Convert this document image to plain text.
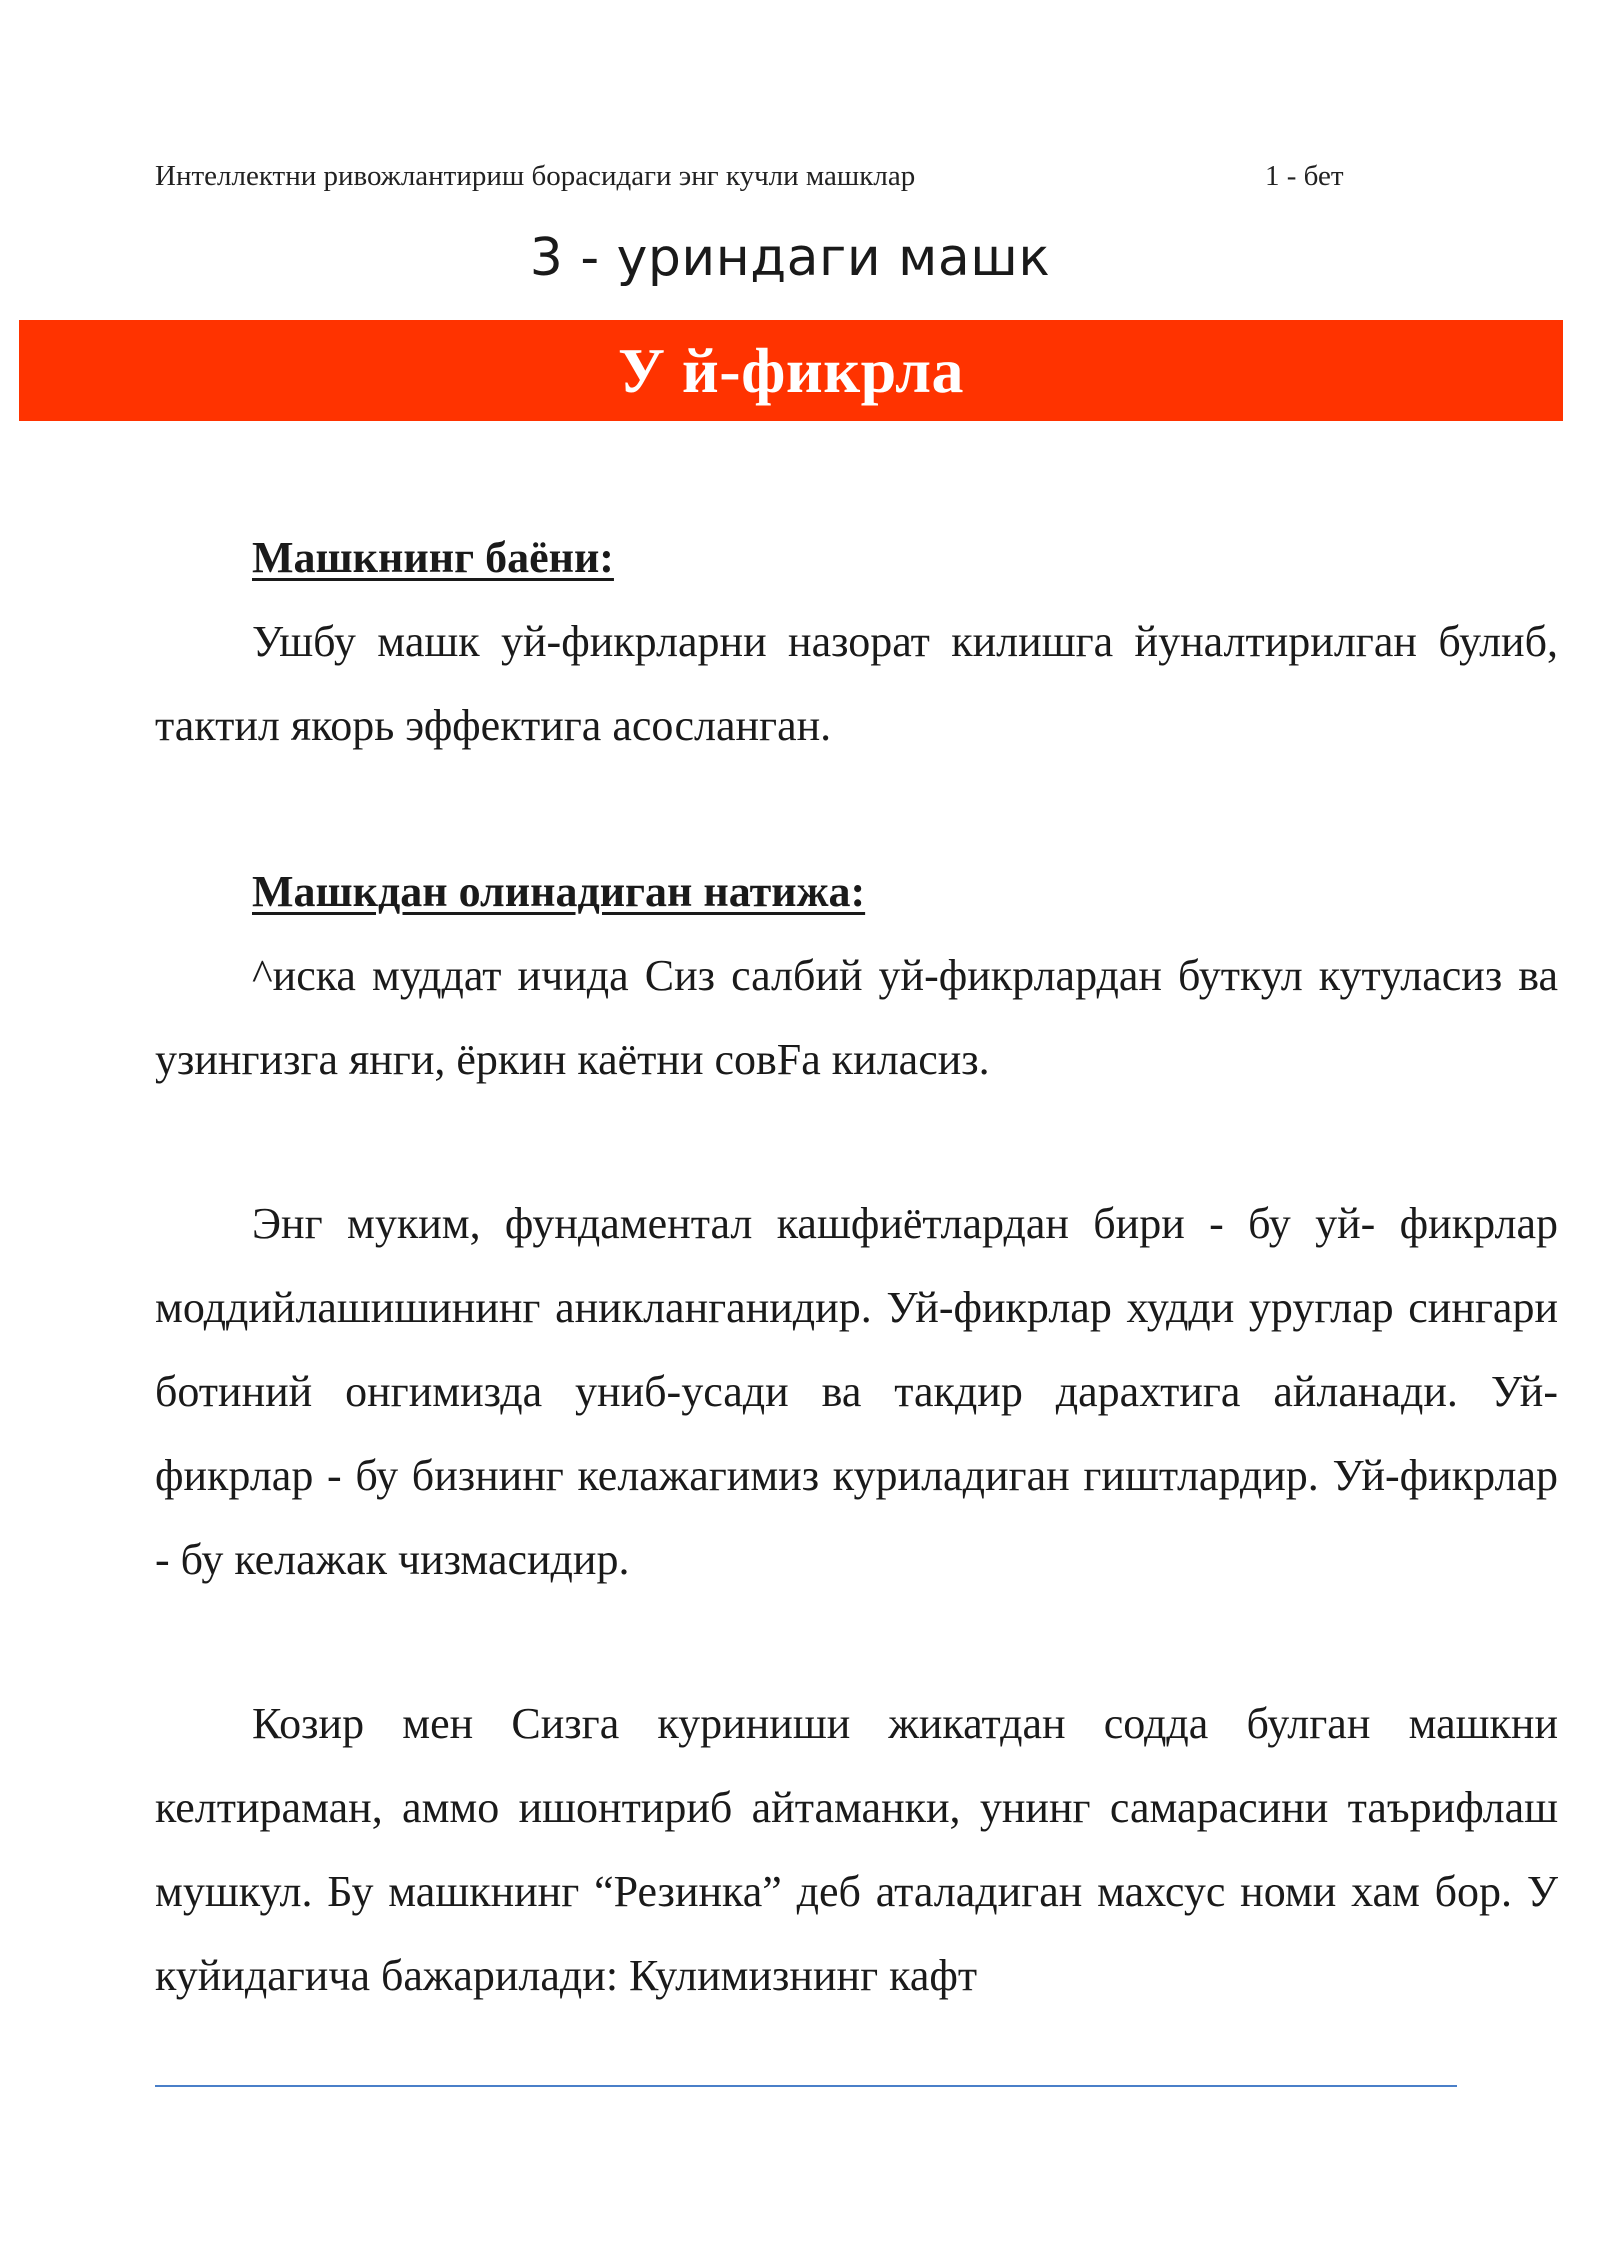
Интеллектни ривожлантириш борасидаги энг кучли машклар	1 - бет
3 - уриндаги машк
У й-фикрла

Машкнинг баёни:

Ушбу машк уй-фикрларни назорат килишга йуналтирилган булиб, тактил якорь эффектига асосланган.

Машкдан олинадиган натижа:

^иска муддат ичида Сиз салбий уй-фикрлардан буткул кутуласиз ва узингизга янги, ёркин каётни совFа киласиз.

Энг муким, фундаментал кашфиётлардан бири - бу уй- фикрлар моддийлашишининг аникланганидир. Уй-фикрлар худди уруглар сингари ботиний онгимизда униб-усади ва такдир дарахтига айланади. Уй-фикрлар - бу бизнинг келажагимиз куриладиган гиштлардир. Уй-фикрлар - бу келажак чизмасидир.

Козир мен Сизга куриниши жикатдан содда булган машкни келтираман, аммо ишонтириб айтаманки, унинг самарасини таърифлаш мушкул. Бу машкнинг “Резинка” деб аталадиган махсус номи хам бор. У куйидагича бажарилади: Кулимизнинг кафт
